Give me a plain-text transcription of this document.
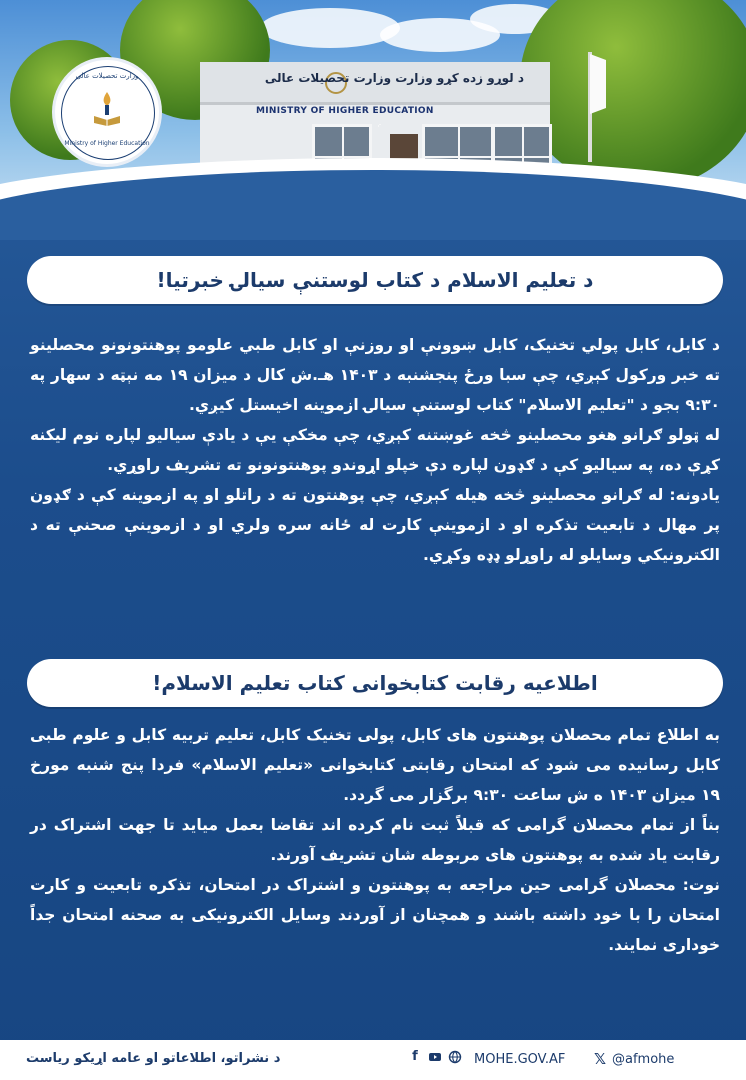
د لوړو زده کړو وزارت وزارت تحصیلات عالی
MINISTRY OF HIGHER EDUCATION
وزارت تحصیلات عالی
Ministry of Higher Education
د تعلیم الاسلام د کتاب لوستنې سیالۍ خبرتیا!

د کابل، کابل پولي تخنیک، کابل ښوونې او روزنې او کابل طبي علومو پوهنتونونو محصلینو ته خبر ورکول کېږي، چې سبا ورځ پنجشنبه د ۱۴۰۳ هـ.ش کال د میزان ۱۹ مه نېټه د سهار په ۹:۳۰ بجو د "تعلیم الاسلام" کتاب لوستنې سیالۍ ازموینه اخیستل کیږي.

له ټولو ګرانو هغو محصلینو څخه غوښتنه کېږي، چې مخکې یې د یادې سیالیو لپاره نوم لیکنه کړې ده، په سیالیو کې د ګډون لپاره دې خپلو اړوندو پوهنتونونو ته تشریف راوړي.

یادونه: له ګرانو محصلینو څخه هیله کېږي، چې پوهنتون ته د راتلو او په ازموینه کې د ګډون پر مهال د تابعیت تذکره او د ازموینې کارت له ځانه سره ولري او د ازموینې صحنې ته د الکترونیکي وسایلو له راوړلو ډډه وکړي.

اطلاعیه رقابت کتابخوانی کتاب تعلیم الاسلام!

به اطلاع تمام محصلان پوهنتون های کابل، پولی تخنیک کابل، تعلیم تربیه کابل و علوم طبی کابل رسانیده می شود که امتحان رقابتی کتابخوانی «تعلیم الاسلام» فردا پنج شنبه مورخ ۱۹ میزان ۱۴۰۳ ه ش ساعت ۹:۳۰ برگزار می گردد.

بناً از تمام محصلان گرامی که قبلاً ثبت نام کرده اند تقاضا بعمل میاید تا جهت اشتراک در رقابت یاد شده به پوهنتون های مربوطه شان تشریف آورند.

نوت: محصلان گرامی حین مراجعه به پوهنتون و اشتراک در امتحان، تذکره تابعیت و کارت امتحان را با خود داشته باشند و همچنان از آوردند وسایل الکترونیکی به صحنه امتحان جداً خوداری نمایند.

د نشراتو، اطلاعاتو او عامه اړیکو ریاست	f	MOHE.GOV.AF 𝕏 @afmohe
